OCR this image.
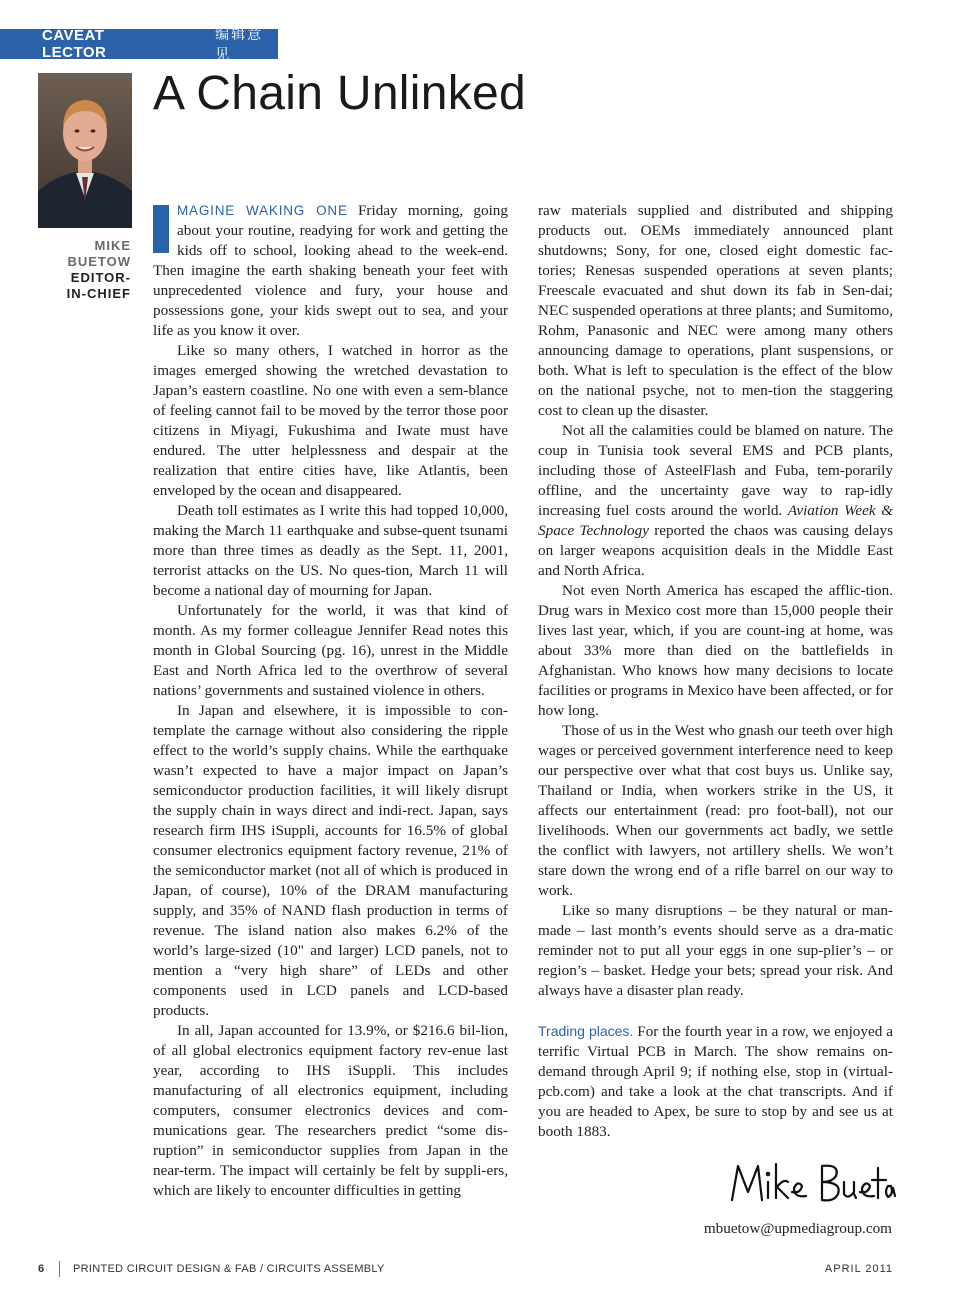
CAVEAT LECTOR
编辑意见
A Chain Unlinked
MIKE
BUETOW
EDITOR-
IN-CHIEF

MAGINE WAKING ONE Friday morning, going about your routine, readying for work and getting the kids off to school, looking ahead to the week-end. Then imagine the earth shaking beneath your feet with unprecedented violence and fury, your house and possessions gone, your kids swept out to sea, and your life as you know it over.

Like so many others, I watched in horror as the images emerged showing the wretched devastation to Japan’s eastern coastline. No one with even a sem-blance of feeling cannot fail to be moved by the terror those poor citizens in Miyagi, Fukushima and Iwate must have endured. The utter helplessness and despair at the realization that entire cities have, like Atlantis, been enveloped by the ocean and disappeared.

Death toll estimates as I write this had topped 10,000, making the March 11 earthquake and subse-quent tsunami more than three times as deadly as the Sept. 11, 2001, terrorist attacks on the US. No ques-tion, March 11 will become a national day of mourning for Japan.

Unfortunately for the world, it was that kind of month. As my former colleague Jennifer Read notes this month in Global Sourcing (pg. 16), unrest in the Middle East and North Africa led to the overthrow of several nations’ governments and sustained violence in others.

In Japan and elsewhere, it is impossible to con-template the carnage without also considering the ripple effect to the world’s supply chains. While the earthquake wasn’t expected to have a major impact on Japan’s semiconductor production facilities, it will likely disrupt the supply chain in ways direct and indi-rect. Japan, says research firm IHS iSuppli, accounts for 16.5% of global consumer electronics equipment factory revenue, 21% of the semiconductor market (not all of which is produced in Japan, of course), 10% of the DRAM manufacturing supply, and 35% of NAND flash production in terms of revenue. The island nation also makes 6.2% of the world’s large-sized (10" and larger) LCD panels, not to mention a “very high share” of LEDs and other components used in LCD panels and LCD-based products.

In all, Japan accounted for 13.9%, or $216.6 bil-lion, of all global electronics equipment factory rev-enue last year, according to IHS iSuppli. This includes manufacturing of all electronics equipment, including computers, consumer electronics devices and com-munications gear. The researchers predict “some dis-ruption” in semiconductor supplies from Japan in the near-term. The impact will certainly be felt by suppli-ers, which are likely to encounter difficulties in getting

raw materials supplied and distributed and shipping products out. OEMs immediately announced plant shutdowns; Sony, for one, closed eight domestic fac-tories; Renesas suspended operations at seven plants; Freescale evacuated and shut down its fab in Sen-dai; NEC suspended operations at three plants; and Sumitomo, Rohm, Panasonic and NEC were among many others announcing damage to operations, plant suspensions, or both. What is left to speculation is the effect of the blow on the national psyche, not to men-tion the staggering cost to clean up the disaster.

Not all the calamities could be blamed on nature. The coup in Tunisia took several EMS and PCB plants, including those of AsteelFlash and Fuba, tem-porarily offline, and the uncertainty gave way to rap-idly increasing fuel costs around the world. Aviation Week & Space Technology reported the chaos was causing delays on larger weapons acquisition deals in the Middle East and North Africa.

Not even North America has escaped the afflic-tion. Drug wars in Mexico cost more than 15,000 people their lives last year, which, if you are count-ing at home, was about 33% more than died on the battlefields in Afghanistan. Who knows how many decisions to locate facilities or programs in Mexico have been affected, or for how long.

Those of us in the West who gnash our teeth over high wages or perceived government interference need to keep our perspective over what that cost buys us. Unlike say, Thailand or India, when workers strike in the US, it affects our entertainment (read: pro foot-ball), not our livelihoods. When our governments act badly, we settle the conflict with lawyers, not artillery shells. We won’t stare down the wrong end of a rifle barrel on our way to work.

Like so many disruptions – be they natural or man-made – last month’s events should serve as a dra-matic reminder not to put all your eggs in one sup-plier’s – or region’s – basket. Hedge your bets; spread your risk. And always have a disaster plan ready.

Trading places. For the fourth year in a row, we enjoyed a terrific Virtual PCB in March. The show remains on-demand through April 9; if nothing else, stop in (virtual-pcb.com) and take a look at the chat transcripts. And if you are headed to Apex, be sure to stop by and see us at booth 1883.

mbuetow@upmediagroup.com
6	PRINTED CIRCUIT DESIGN & FAB / CIRCUITS ASSEMBLY	APRIL 2011
